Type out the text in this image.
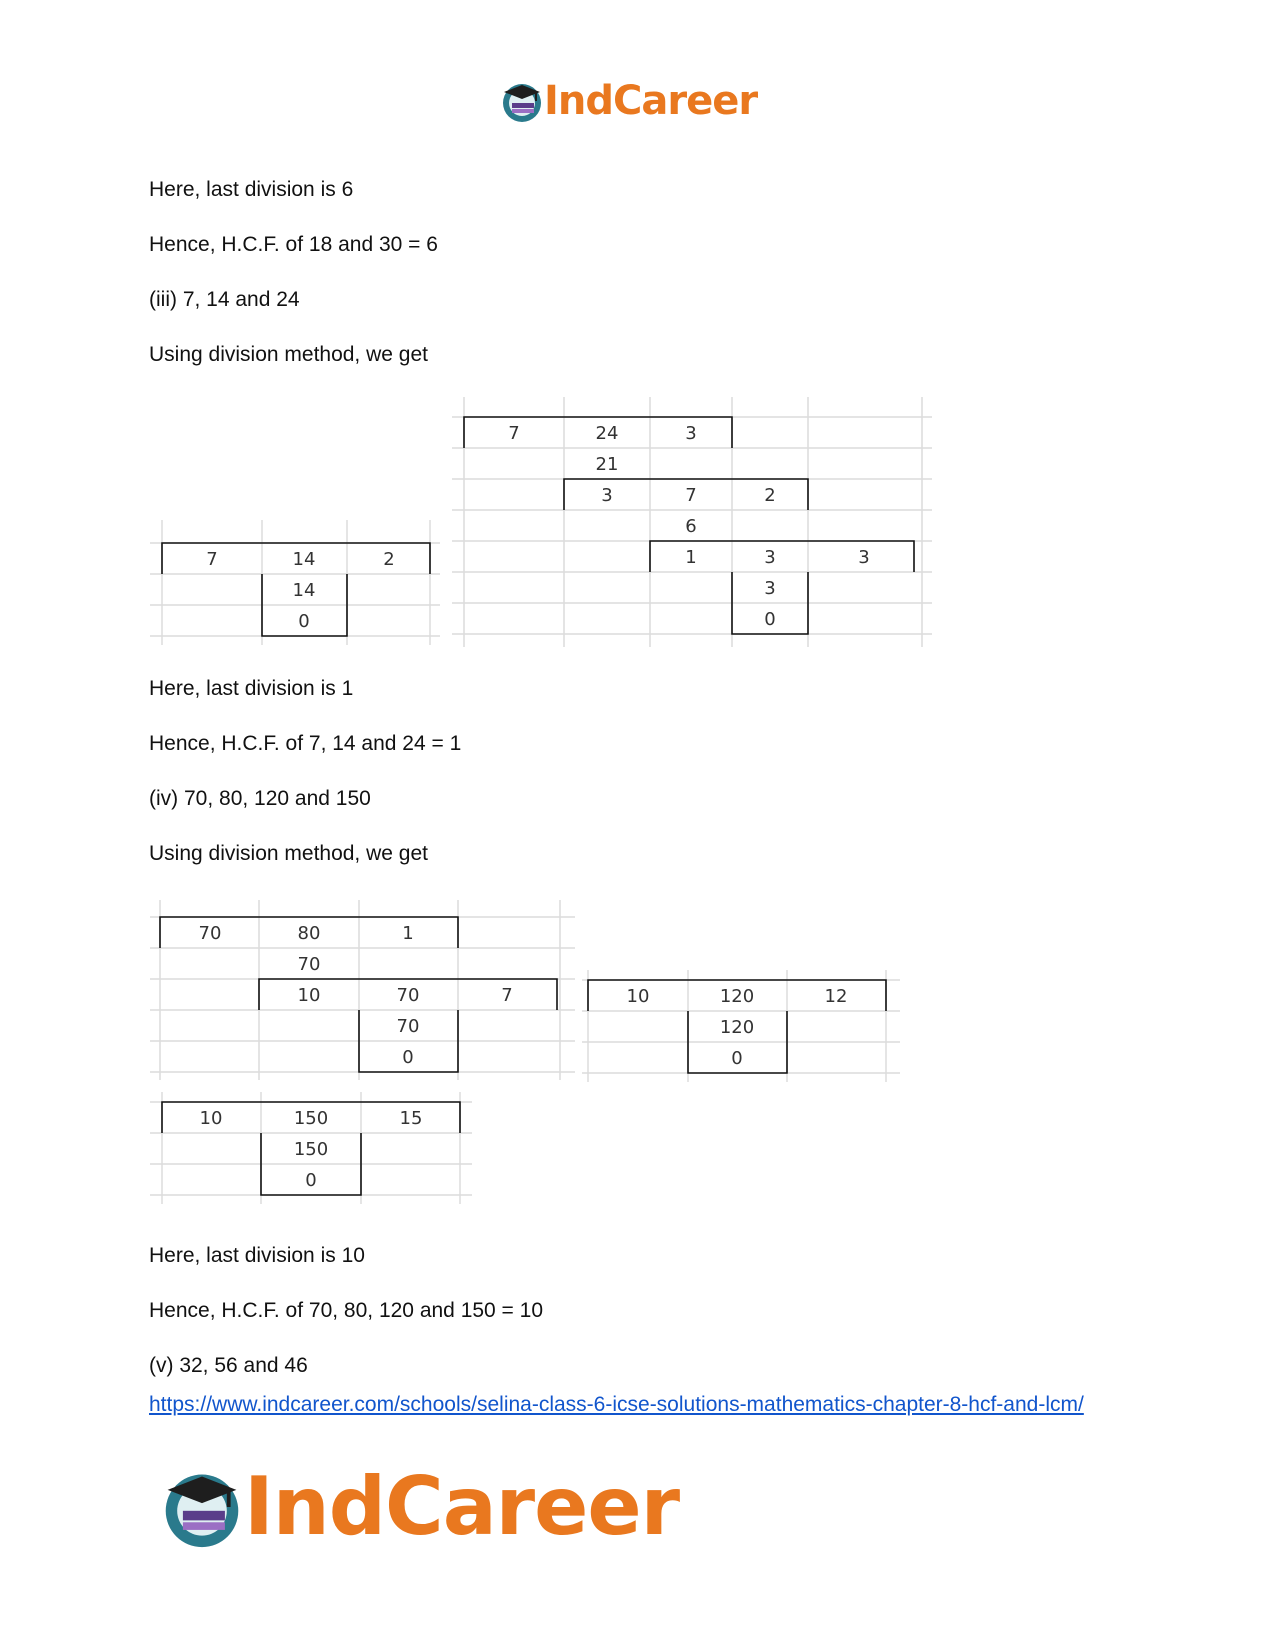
IndCareer
Here, last division is 6
Hence, H.C.F. of 18 and 30 = 6
(iii) 7, 14 and 24
Using division method, we get
7	14	2
14
0
7	24	3
21
3	7	2
6
1	3	3
3
0
Here, last division is 1
Hence, H.C.F. of 7, 14 and 24 = 1
(iv) 70, 80, 120 and 150
Using division method, we get
70	80	1
70
10	70	7
70
0
10	120	12
120
0
10	150	15
150
0
Here, last division is 10
Hence, H.C.F. of 70, 80, 120 and 150 = 10
(v) 32, 56 and 46
https://www.indcareer.com/schools/selina-class-6-icse-solutions-mathematics-chapter-8-hcf-and-lcm/
IndCareer
